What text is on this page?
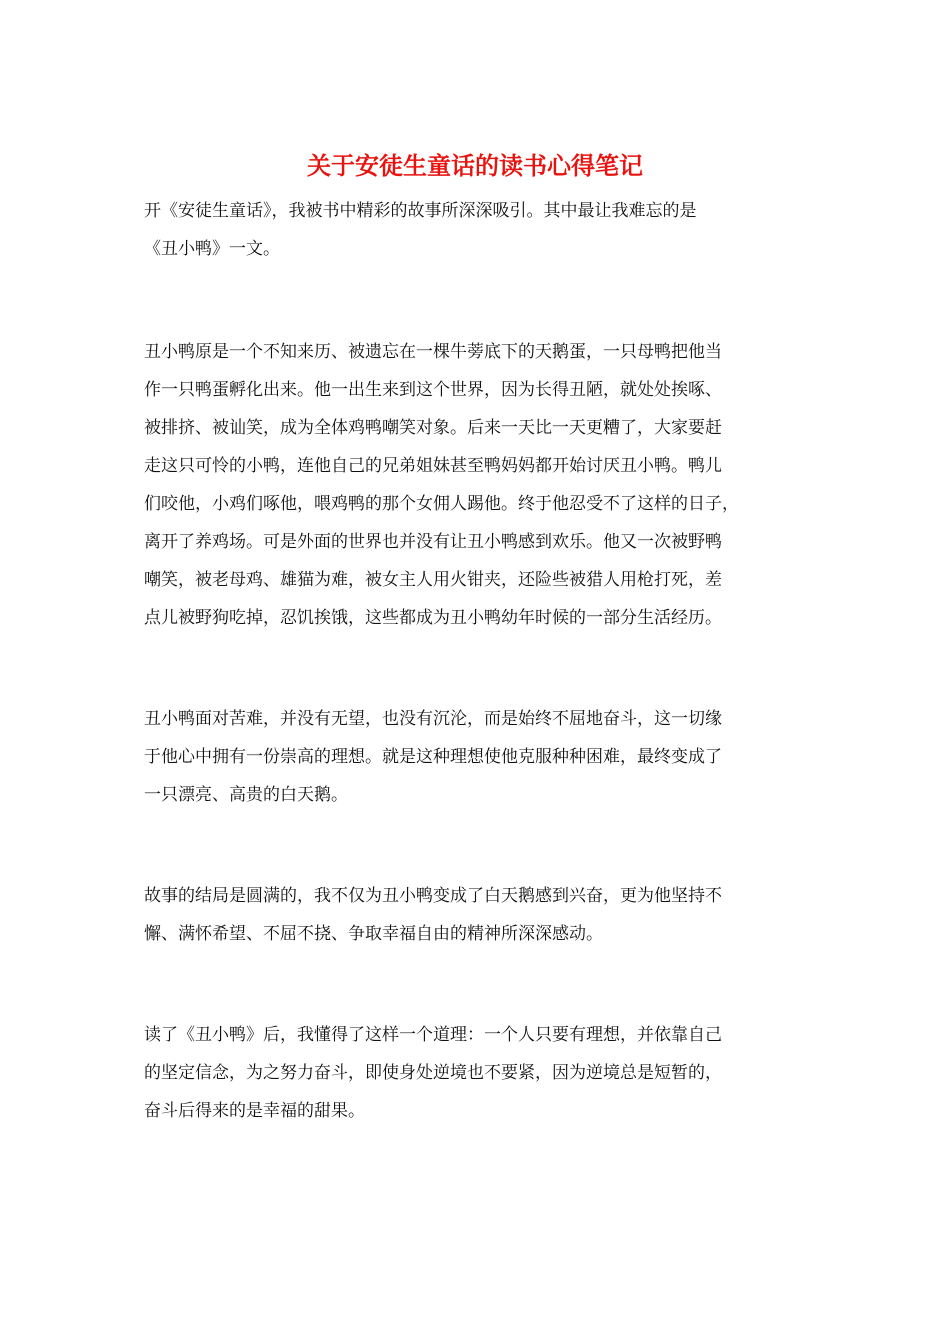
关于安徒生童话的读书心得笔记

开《安徒生童话》，我被书中精彩的故事所深深吸引。其中最让我难忘的是

《丑小鸭》一文。

丑小鸭原是一个不知来历、被遗忘在一棵牛蒡底下的天鹅蛋，一只母鸭把他当

作一只鸭蛋孵化出来。他一出生来到这个世界，因为长得丑陋，就处处挨啄、

被排挤、被讪笑，成为全体鸡鸭嘲笑对象。后来一天比一天更糟了，大家要赶

走这只可怜的小鸭，连他自己的兄弟姐妹甚至鸭妈妈都开始讨厌丑小鸭。鸭儿

们咬他，小鸡们啄他，喂鸡鸭的那个女佣人踢他。终于他忍受不了这样的日子，

离开了养鸡场。可是外面的世界也并没有让丑小鸭感到欢乐。他又一次被野鸭

嘲笑，被老母鸡、雄猫为难，被女主人用火钳夹，还险些被猎人用枪打死，差

点儿被野狗吃掉，忍饥挨饿，这些都成为丑小鸭幼年时候的一部分生活经历。

丑小鸭面对苦难，并没有无望，也没有沉沦，而是始终不屈地奋斗，这一切缘

于他心中拥有一份崇高的理想。就是这种理想使他克服种种困难，最终变成了

一只漂亮、高贵的白天鹅。

故事的结局是圆满的，我不仅为丑小鸭变成了白天鹅感到兴奋，更为他坚持不

懈、满怀希望、不屈不挠、争取幸福自由的精神所深深感动。

读了《丑小鸭》后，我懂得了这样一个道理：一个人只要有理想，并依靠自己

的坚定信念，为之努力奋斗，即使身处逆境也不要紧，因为逆境总是短暂的，

奋斗后得来的是幸福的甜果。
